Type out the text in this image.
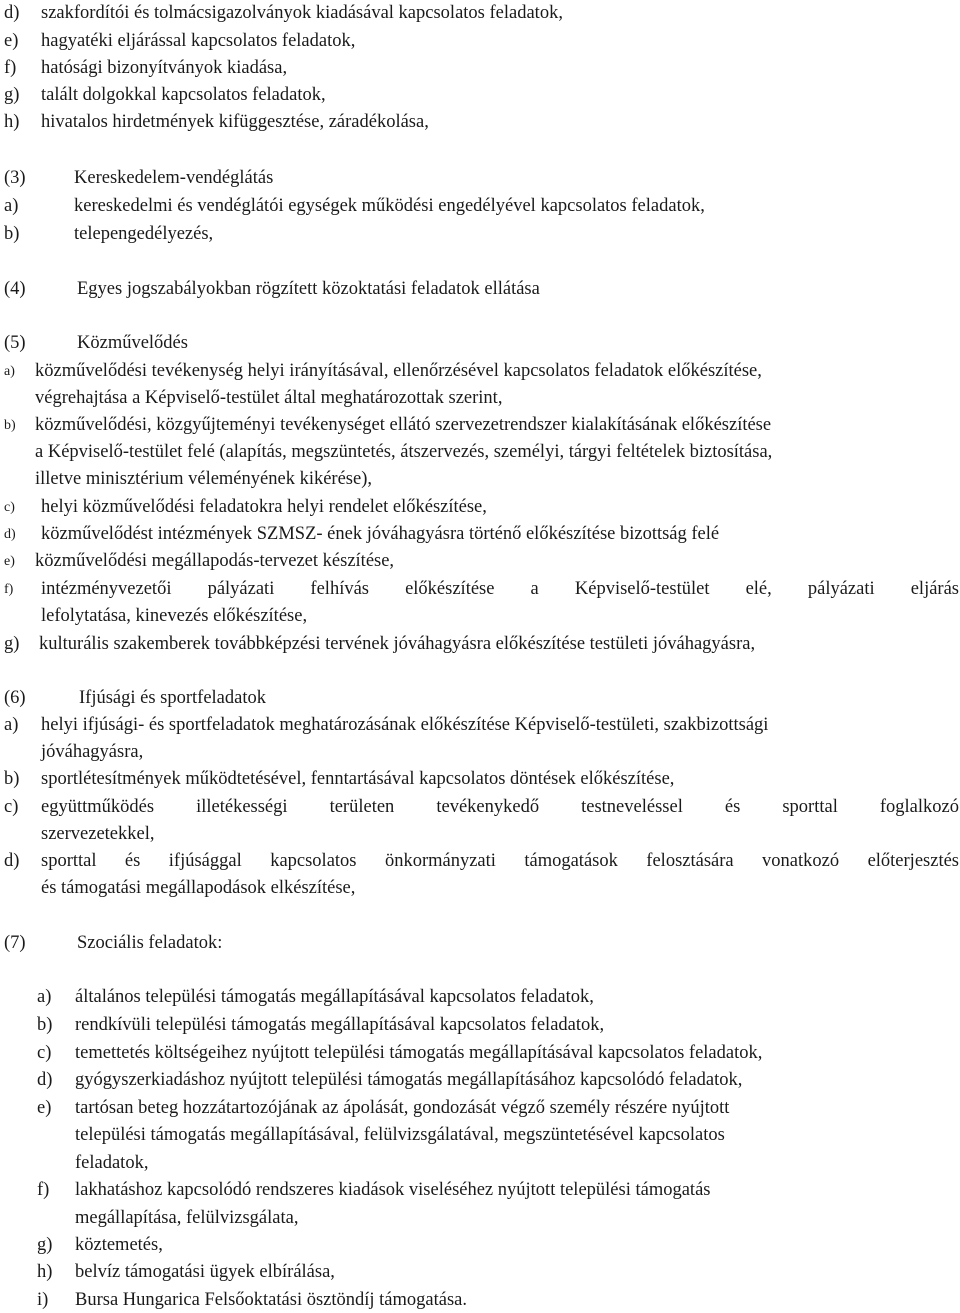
d) szakfordítói és tolmácsigazolványok kiadásával kapcsolatos feladatok,
e) hagyatéki eljárással kapcsolatos feladatok,
f) hatósági bizonyítványok kiadása,
g) talált dolgokkal kapcsolatos feladatok,
h) hivatalos hirdetmények kifüggesztése, záradékolása,
(3)	Kereskedelem-vendéglátás
a)	kereskedelmi és vendéglátói egységek működési engedélyével kapcsolatos feladatok,
b)	telepengedélyezés,
(4)	Egyes jogszabályokban rögzített közoktatási feladatok ellátása
(5)	Közművelődés
a) közművelődési tevékenység helyi irányításával, ellenőrzésével kapcsolatos feladatok előkészítése,
végrehajtása a Képviselő-testület által meghatározottak szerint,
b) közművelődési, közgyűjteményi tevékenységet ellátó szervezetrendszer kialakításának előkészítése
a Képviselő-testület felé (alapítás, megszüntetés, átszervezés, személyi, tárgyi feltételek biztosítása,
illetve minisztérium véleményének kikérése),
c) helyi közművelődési feladatokra helyi rendelet előkészítése,
d) közművelődést intézmények SZMSZ- ének jóváhagyásra történő előkészítése bizottság felé
e) közművelődési megállapodás-tervezet készítése,
f) intézményvezetői pályázati felhívás előkészítése a Képviselő-testület elé, pályázati eljárás
lefolytatása, kinevezés előkészítése,
g) kulturális szakemberek továbbképzési tervének jóváhagyásra előkészítése testületi jóváhagyásra,
(6)	Ifjúsági és sportfeladatok
a) helyi ifjúsági- és sportfeladatok meghatározásának előkészítése Képviselő-testületi, szakbizottsági
jóváhagyásra,
b) sportlétesítmények működtetésével, fenntartásával kapcsolatos döntések előkészítése,
c) együttműködés illetékességi területen tevékenykedő testneveléssel és sporttal foglalkozó
szervezetekkel,
d) sporttal és ifjúsággal kapcsolatos önkormányzati támogatások felosztására vonatkozó előterjesztés
és támogatási megállapodások elkészítése,
(7)	Szociális feladatok:
a) általános települési támogatás megállapításával kapcsolatos feladatok,
b) rendkívüli települési támogatás megállapításával kapcsolatos feladatok,
c) temettetés költségeihez nyújtott települési támogatás megállapításával kapcsolatos feladatok,
d) gyógyszerkiadáshoz nyújtott települési támogatás megállapításához kapcsolódó feladatok,
e) tartósan beteg hozzátartozójának az ápolását, gondozását végző személy részére nyújtott
települési támogatás megállapításával, felülvizsgálatával, megszüntetésével kapcsolatos
feladatok,
f) lakhatáshoz kapcsolódó rendszeres kiadások viseléséhez nyújtott települési támogatás
megállapítása, felülvizsgálata,
g) köztemetés,
h) belvíz támogatási ügyek elbírálása,
i) Bursa Hungarica Felsőoktatási ösztöndíj támogatása.
